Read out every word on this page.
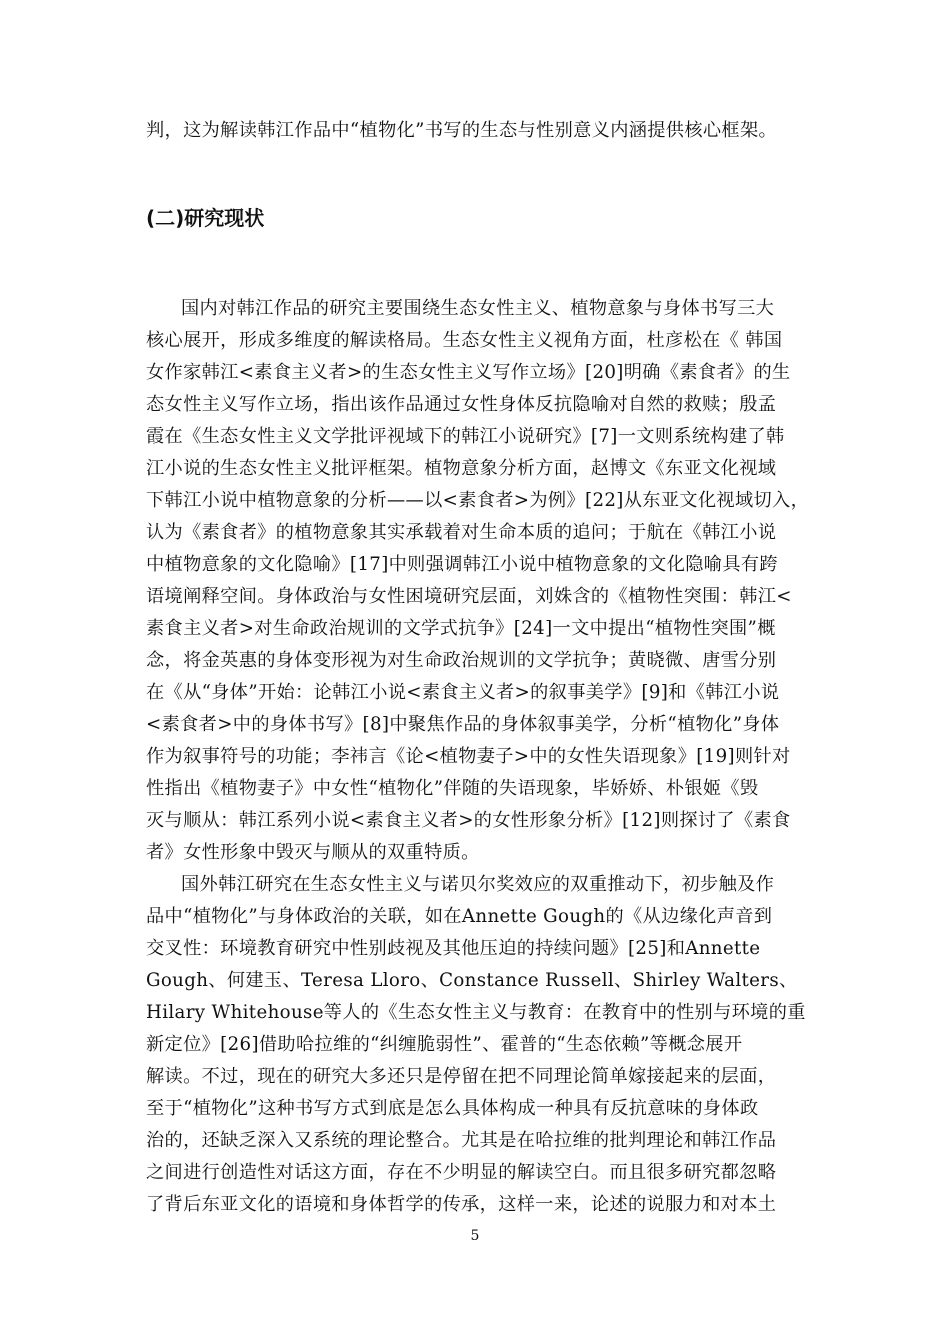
判，这为解读韩江作品中“植物化”书写的生态与性别意义内涵提供核心框架。
(二)研究现状
国内对韩江作品的研究主要围绕生态女性主义、植物意象与身体书写三大
核心展开，形成多维度的解读格局。生态女性主义视角方面，杜彦松在《 韩国
女作家韩江<素食主义者>的生态女性主义写作立场》[20]明确《素食者》的生
态女性主义写作立场，指出该作品通过女性身体反抗隐喻对自然的救赎；殷孟
霞在《生态女性主义文学批评视域下的韩江小说研究》[7]一文则系统构建了韩
江小说的生态女性主义批评框架。植物意象分析方面，赵博文《东亚文化视域
下韩江小说中植物意象的分析——以<素食者>为例》[22]从东亚文化视域切入，
认为《素食者》的植物意象其实承载着对生命本质的追问；于航在《韩江小说
中植物意象的文化隐喻》[17]中则强调韩江小说中植物意象的文化隐喻具有跨
语境阐释空间。身体政治与女性困境研究层面，刘姝含的《植物性突围：韩江<
素食主义者>对生命政治规训的文学式抗争》[24]一文中提出“植物性突围”概
念，将金英惠的身体变形视为对生命政治规训的文学抗争；黄晓微、唐雪分别
在《从“身体”开始：论韩江小说<素食主义者>的叙事美学》[9]和《韩江小说
<素食者>中的身体书写》[8]中聚焦作品的身体叙事美学，分析“植物化”身体
作为叙事符号的功能；李祎言《论<植物妻子>中的女性失语现象》[19]则针对
性指出《植物妻子》中女性“植物化”伴随的失语现象，毕娇娇、朴银姬《毁
灭与顺从：韩江系列小说<素食主义者>的女性形象分析》[12]则探讨了《素食
者》女性形象中毁灭与顺从的双重特质。
国外韩江研究在生态女性主义与诺贝尔奖效应的双重推动下，初步触及作
品中“植物化”与身体政治的关联，如在Annette Gough的《从边缘化声音到
交叉性：环境教育研究中性别歧视及其他压迫的持续问题》[25]和Annette
Gough、何建玉、Teresa Lloro、Constance Russell、Shirley Walters、
Hilary Whitehouse等人的《生态女性主义与教育：在教育中的性别与环境的重
新定位》[26]借助哈拉维的“纠缠脆弱性”、霍普的“生态依赖”等概念展开
解读。不过，现在的研究大多还只是停留在把不同理论简单嫁接起来的层面，
至于“植物化”这种书写方式到底是怎么具体构成一种具有反抗意味的身体政
治的，还缺乏深入又系统的理论整合。尤其是在哈拉维的批判理论和韩江作品
之间进行创造性对话这方面，存在不少明显的解读空白。而且很多研究都忽略
了背后东亚文化的语境和身体哲学的传承，这样一来，论述的说服力和对本土
5
